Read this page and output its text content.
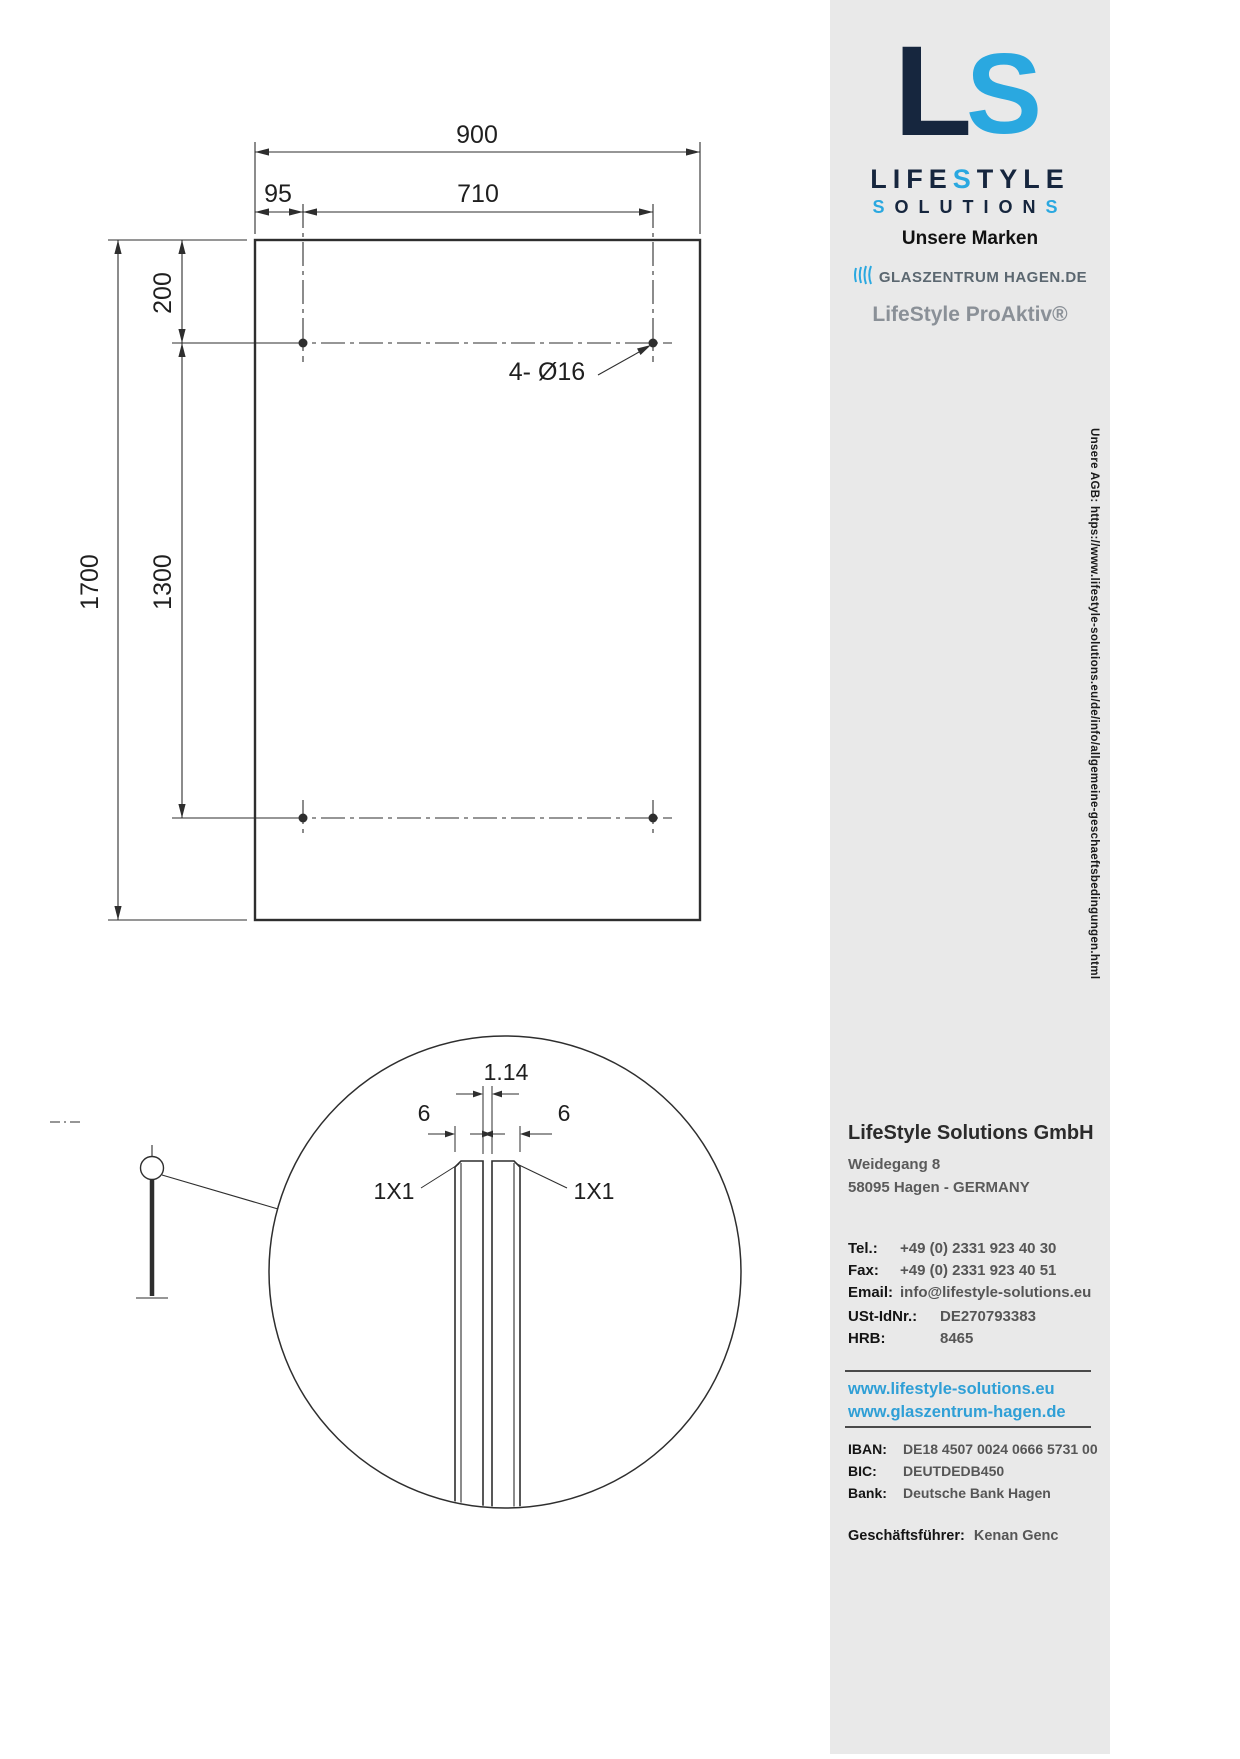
900
95	710
1700
200
1300
4- Ø16
1.14
6	6
1X1	1X1
L
S
LIFESTYLE
SOLUTIONS
Unsere Marken
GLASZENTRUM HAGEN.DE
LifeStyle ProAktiv®
Unsere AGB: https://www.lifestyle-solutions.eu/de/info/allgemeine-geschaeftsbedingungen.html
LifeStyle Solutions GmbH
Weidegang 8
58095 Hagen - GERMANY
Tel.:	+49 (0) 2331 923 40 30
Fax:	+49 (0) 2331 923 40 51
Email: info@lifestyle-solutions.eu
USt-IdNr.:	DE270793383
HRB:	8465
www.lifestyle-solutions.eu
www.glaszentrum-hagen.de
IBAN:	DE18 4507 0024 0666 5731 00
BIC:	DEUTDEDB450
Bank:	Deutsche Bank Hagen
Geschäftsführer: Kenan Genc
